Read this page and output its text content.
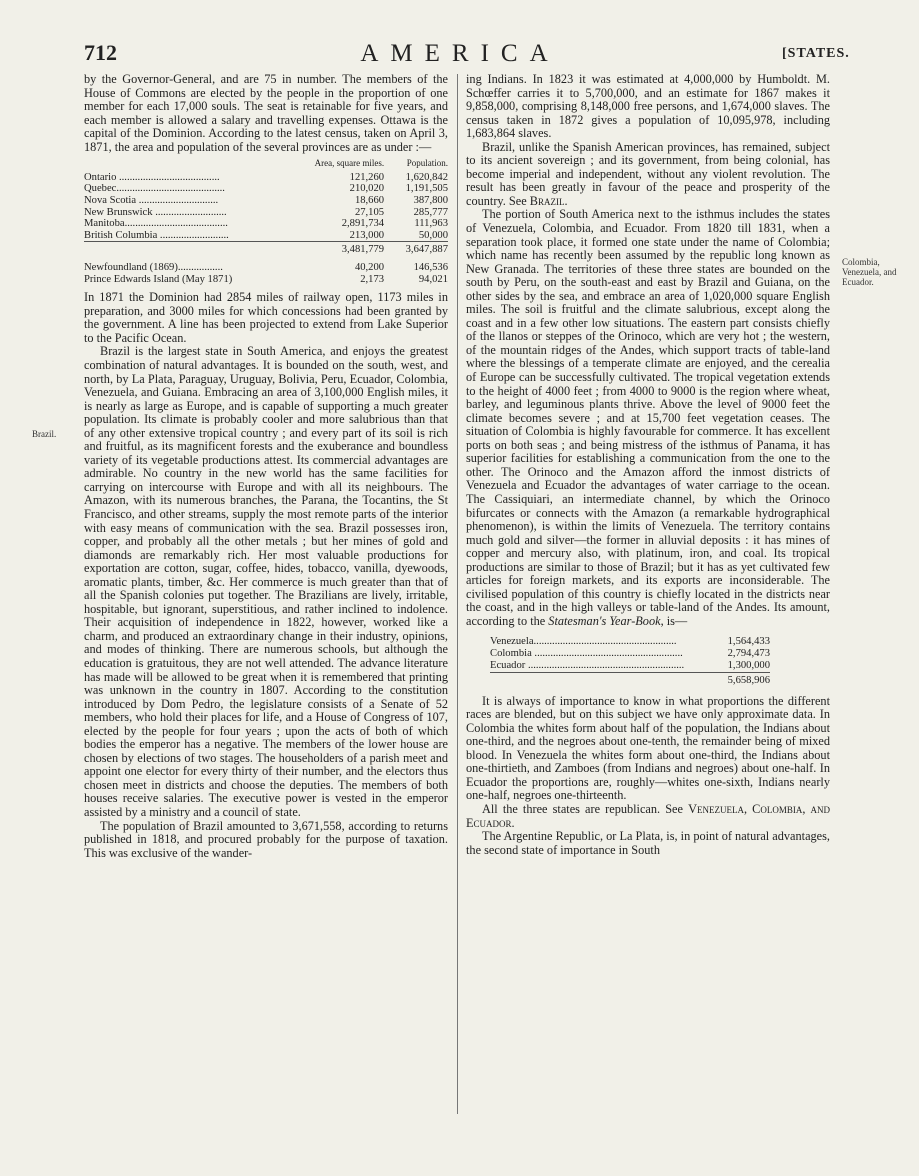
712	AMERICA	[STATES.
Brazil.
Colombia, Venezuela, and Ecuador.

by the Governor-General, and are 75 in number. The members of the House of Commons are elected by the people in the proportion of one member for each 17,000 souls. The seat is retainable for five years, and each member is allowed a salary and travelling expenses. Ottawa is the capital of the Dominion. According to the latest census, taken on April 3, 1871, the area and population of the several provinces are as under :—

	Area, square miles.	Population.
Ontario ......................................	121,260	1,620,842
Quebec.........................................	210,020	1,191,505
Nova Scotia ..............................	18,660	387,800
New Brunswick ...........................	27,105	285,777
Manitoba.......................................	2,891,734	111,963
British Columbia ..........................	213,000	50,000
	3,481,779	3,647,887
Newfoundland (1869).................	40,200	146,536
Prince Edwards Island (May 1871)	2,173	94,021

In 1871 the Dominion had 2854 miles of railway open, 1173 miles in preparation, and 3000 miles for which concessions had been granted by the government. A line has been projected to extend from Lake Superior to the Pacific Ocean.

Brazil is the largest state in South America, and enjoys the greatest combination of natural advantages. It is bounded on the south, west, and north, by La Plata, Paraguay, Uruguay, Bolivia, Peru, Ecuador, Colombia, Venezuela, and Guiana. Embracing an area of 3,100,000 English miles, it is nearly as large as Europe, and is capable of supporting a much greater population. Its climate is probably cooler and more salubrious than that of any other extensive tropical country ; and every part of its soil is rich and fruitful, as its magnificent forests and the exuberance and boundless variety of its vegetable productions attest. Its commercial advantages are admirable. No country in the new world has the same facilities for carrying on intercourse with Europe and with all its neighbours. The Amazon, with its numerous branches, the Parana, the Tocantins, the St Francisco, and other streams, supply the most remote parts of the interior with easy means of communication with the sea. Brazil possesses iron, copper, and probably all the other metals ; but her mines of gold and diamonds are remarkably rich. Her most valuable productions for exportation are cotton, sugar, coffee, hides, tobacco, vanilla, dyewoods, aromatic plants, timber, &c. Her commerce is much greater than that of all the Spanish colonies put together. The Brazilians are lively, irritable, hospitable, but ignorant, superstitious, and rather inclined to indolence. Their acquisition of independence in 1822, however, worked like a charm, and produced an extraordinary change in their industry, opinions, and modes of thinking. There are numerous schools, but although the education is gratuitous, they are not well attended. The advance literature has made will be allowed to be great when it is remembered that printing was unknown in the country in 1807. According to the constitution introduced by Dom Pedro, the legislature consists of a Senate of 52 members, who hold their places for life, and a House of Congress of 107, elected by the people for four years ; upon the acts of both of which bodies the emperor has a negative. The members of the lower house are chosen by elections of two stages. The householders of a parish meet and appoint one elector for every thirty of their number, and the electors thus chosen meet in districts and choose the deputies. The members of both houses receive salaries. The executive power is vested in the emperor assisted by a ministry and a council of state.

The population of Brazil amounted to 3,671,558, according to returns published in 1818, and procured probably for the purpose of taxation. This was exclusive of the wander-

ing Indians. In 1823 it was estimated at 4,000,000 by Humboldt. M. Schœffer carries it to 5,700,000, and an estimate for 1867 makes it 9,858,000, comprising 8,148,000 free persons, and 1,674,000 slaves. The census taken in 1872 gives a population of 10,095,978, including 1,683,864 slaves.

Brazil, unlike the Spanish American provinces, has remained, subject to its ancient sovereign ; and its government, from being colonial, has become imperial and independent, without any violent revolution. The result has been greatly in favour of the peace and prosperity of the country. See Brazil.

The portion of South America next to the isthmus includes the states of Venezuela, Colombia, and Ecuador. From 1820 till 1831, when a separation took place, it formed one state under the name of Colombia; which name has recently been assumed by the republic long known as New Granada. The territories of these three states are bounded on the south by Peru, on the south-east and east by Brazil and Guiana, on the other sides by the sea, and embrace an area of 1,020,000 square English miles. The soil is fruitful and the climate salubrious, except along the coast and in a few other low situations. The eastern part consists chiefly of the llanos or steppes of the Orinoco, which are very hot ; the western, of the mountain ridges of the Andes, which support tracts of table-land where the blessings of a temperate climate are enjoyed, and the cerealia of Europe can be successfully cultivated. The tropical vegetation extends to the height of 4000 feet ; from 4000 to 9000 is the region where wheat, barley, and leguminous plants thrive. Above the level of 9000 feet the climate becomes severe ; and at 15,700 feet vegetation ceases. The situation of Colombia is highly favourable for commerce. It has excellent ports on both seas ; and being mistress of the isthmus of Panama, it has superior facilities for establishing a communication from the one to the other. The Orinoco and the Amazon afford the inmost districts of Venezuela and Ecuador the advantages of water carriage to the ocean. The Cassiquiari, an intermediate channel, by which the Orinoco bifurcates or connects with the Amazon (a remarkable hydrographical phenomenon), is within the limits of Venezuela. The territory contains much gold and silver—the former in alluvial deposits : it has mines of copper and mercury also, with platinum, iron, and coal. Its tropical productions are similar to those of Brazil; but it has as yet cultivated few articles for foreign markets, and its exports are inconsiderable. The civilised population of this country is chiefly located in the districts near the coast, and in the high valleys or table-land of the Andes. Its amount, according to the Statesman's Year-Book, is—

Venezuela......................................................	1,564,433
Colombia ........................................................	2,794,473
Ecuador ...........................................................	1,300,000
	5,658,906

It is always of importance to know in what proportions the different races are blended, but on this subject we have only approximate data. In Colombia the whites form about half of the population, the Indians about one-third, and the negroes about one-tenth, the remainder being of mixed blood. In Venezuela the whites form about one-third, the Indians about one-thirtieth, and Zamboes (from Indians and negroes) about one-half. In Ecuador the proportions are, roughly—whites one-sixth, Indians nearly one-half, negroes one-thirteenth.

All the three states are republican. See Venezuela, Colombia, and Ecuador.

The Argentine Republic, or La Plata, is, in point of natural advantages, the second state of importance in South
